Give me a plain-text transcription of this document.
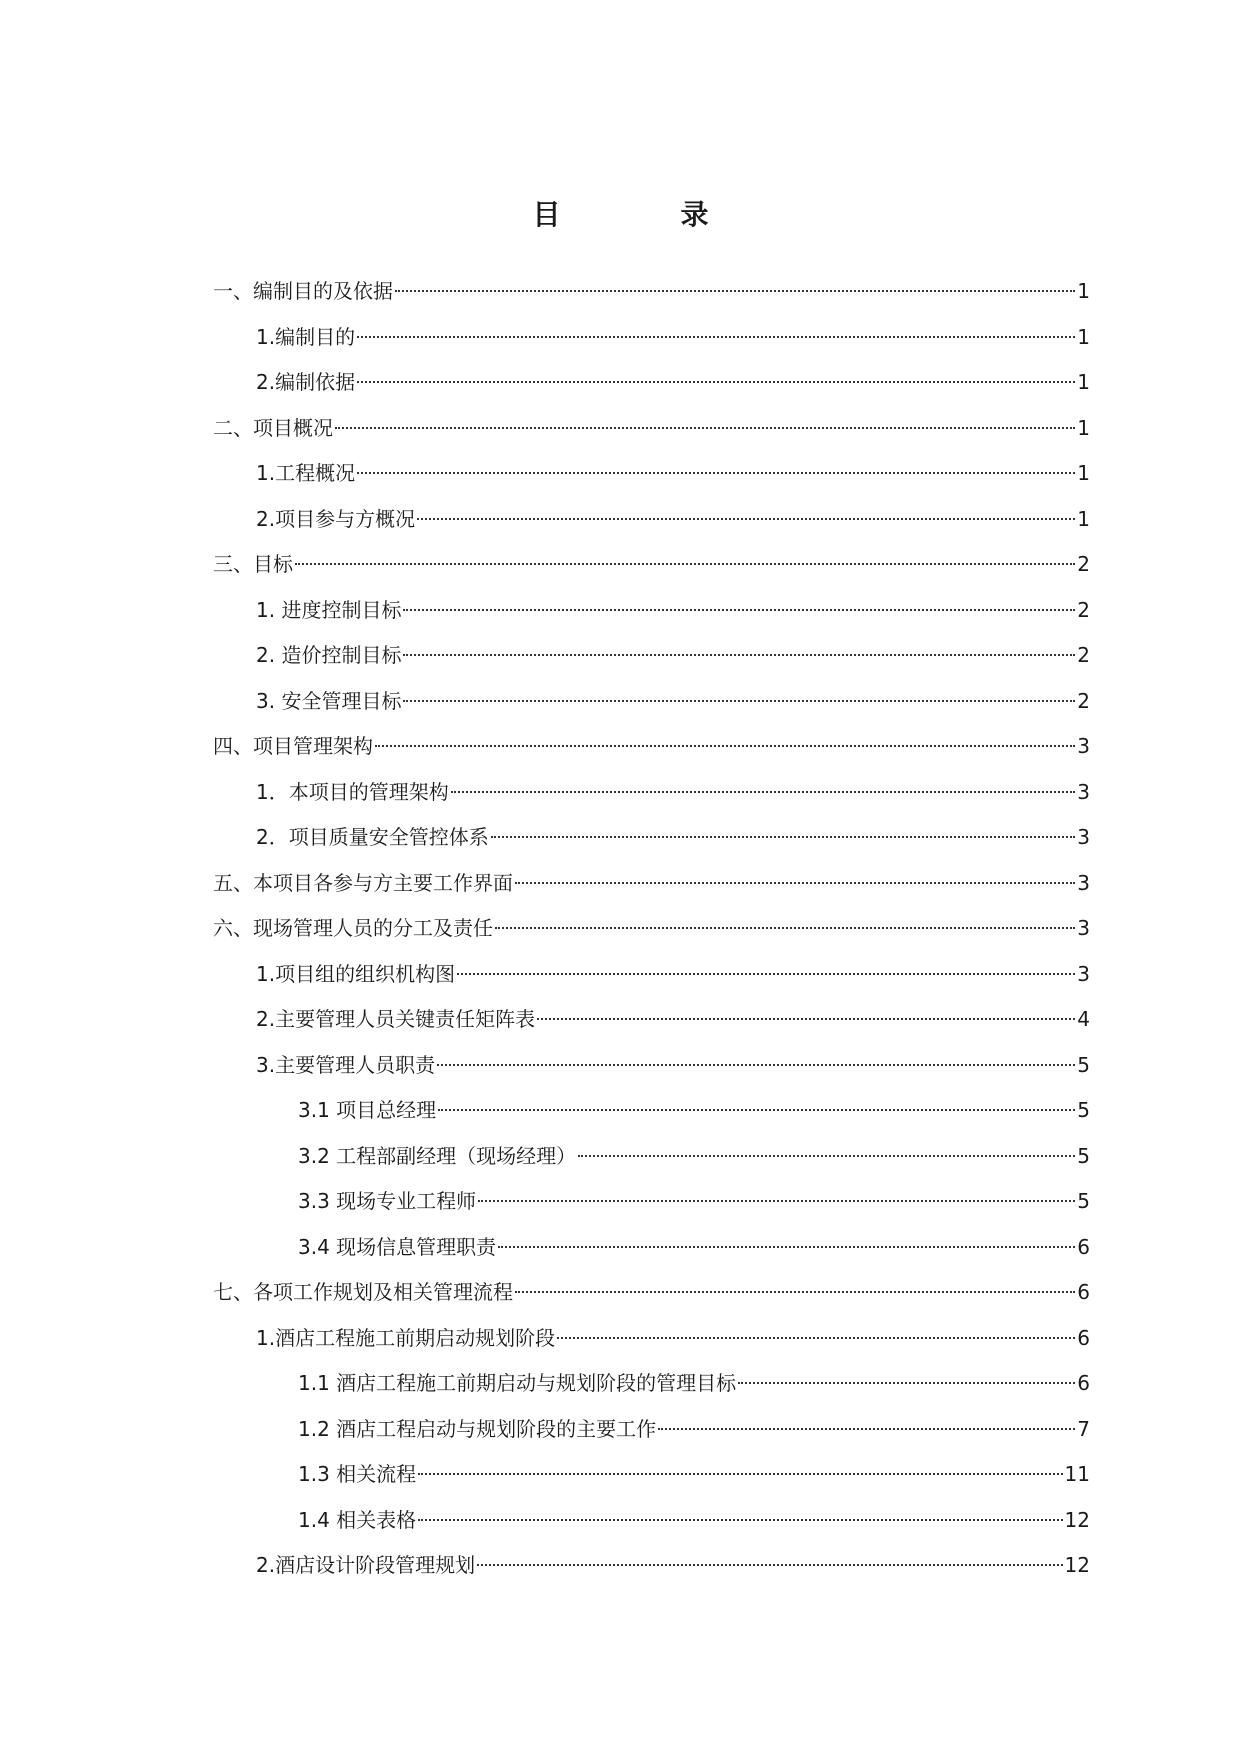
目　录
一、编制目的及依据	1
1.编制目的	1
2.编制依据	1
二、项目概况	1
1.工程概况	1
2.项目参与方概况	1
三、目标	2
1. 进度控制目标	2
2. 造价控制目标	2
3. 安全管理目标	2
四、项目管理架构	3
1．本项目的管理架构	3
2．项目质量安全管控体系	3
五、本项目各参与方主要工作界面	3
六、现场管理人员的分工及责任	3
1.项目组的组织机构图	3
2.主要管理人员关键责任矩阵表	4
3.主要管理人员职责	5
3.1 项目总经理	5
3.2 工程部副经理（现场经理）	5
3.3 现场专业工程师	5
3.4 现场信息管理职责	6
七、各项工作规划及相关管理流程	6
1.酒店工程施工前期启动规划阶段	6
1.1 酒店工程施工前期启动与规划阶段的管理目标	6
1.2 酒店工程启动与规划阶段的主要工作	7
1.3 相关流程	11
1.4 相关表格	12
2.酒店设计阶段管理规划	12
